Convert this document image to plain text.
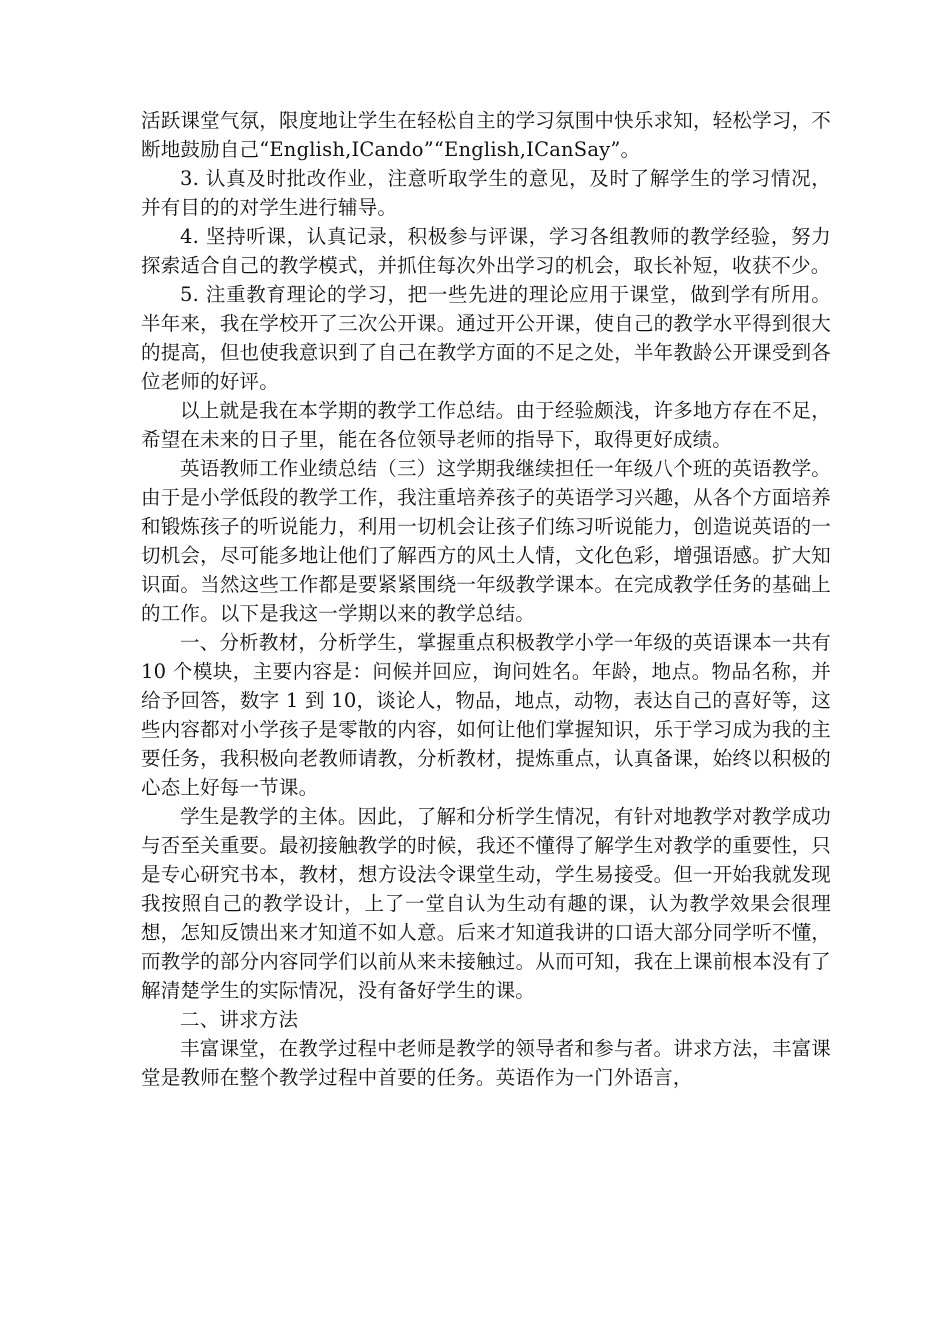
活跃课堂气氛，限度地让学生在轻松自主的学习氛围中快乐求知，轻松学习，不断地鼓励自己“English,ICando”“English,ICanSay”。

3. 认真及时批改作业，注意听取学生的意见，及时了解学生的学习情况，并有目的的对学生进行辅导。

4. 坚持听课，认真记录，积极参与评课，学习各组教师的教学经验，努力探索适合自己的教学模式，并抓住每次外出学习的机会，取长补短，收获不少。

5. 注重教育理论的学习，把一些先进的理论应用于课堂，做到学有所用。半年来，我在学校开了三次公开课。通过开公开课，使自己的教学水平得到很大的提高，但也使我意识到了自己在教学方面的不足之处，半年教龄公开课受到各位老师的好评。

以上就是我在本学期的教学工作总结。由于经验颇浅，许多地方存在不足，希望在未来的日子里，能在各位领导老师的指导下，取得更好成绩。

英语教师工作业绩总结（三）这学期我继续担任一年级八个班的英语教学。由于是小学低段的教学工作，我注重培养孩子的英语学习兴趣，从各个方面培养和锻炼孩子的听说能力，利用一切机会让孩子们练习听说能力，创造说英语的一切机会，尽可能多地让他们了解西方的风土人情，文化色彩，增强语感。扩大知识面。当然这些工作都是要紧紧围绕一年级教学课本。在完成教学任务的基础上的工作。以下是我这一学期以来的教学总结。

一、分析教材，分析学生，掌握重点积极教学小学一年级的英语课本一共有 10 个模块，主要内容是：问候并回应，询问姓名。年龄，地点。物品名称，并给予回答，数字 1 到 10，谈论人，物品，地点，动物，表达自己的喜好等，这些内容都对小学孩子是零散的内容，如何让他们掌握知识，乐于学习成为我的主要任务，我积极向老教师请教，分析教材，提炼重点，认真备课，始终以积极的心态上好每一节课。

学生是教学的主体。因此，了解和分析学生情况，有针对地教学对教学成功与否至关重要。最初接触教学的时候，我还不懂得了解学生对教学的重要性，只是专心研究书本，教材，想方设法令课堂生动，学生易接受。但一开始我就发现我按照自己的教学设计，上了一堂自认为生动有趣的课，认为教学效果会很理想，怎知反馈出来才知道不如人意。后来才知道我讲的口语大部分同学听不懂，而教学的部分内容同学们以前从来未接触过。从而可知，我在上课前根本没有了解清楚学生的实际情况，没有备好学生的课。

二、讲求方法

丰富课堂，在教学过程中老师是教学的领导者和参与者。讲求方法，丰富课堂是教师在整个教学过程中首要的任务。英语作为一门外语言，
